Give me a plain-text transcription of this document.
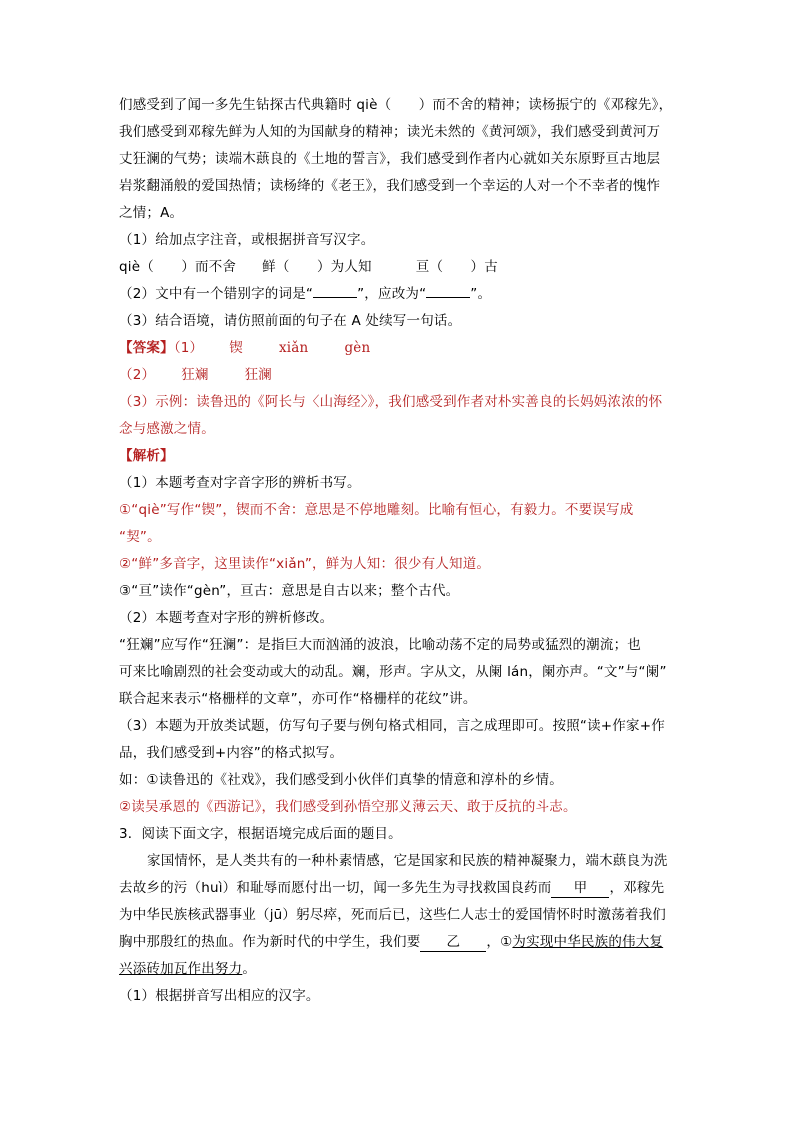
们感受到了闻一多先生钻探古代典籍时 qiè（　　）而不舍的精神；读杨振宁的《邓稼先》，
我们感受到邓稼先鲜为人知的为国献身的精神；读光未然的《黄河颂》，我们感受到黄河万
丈狂澜的气势；读端木蕻良的《土地的誓言》，我们感受到作者内心就如关东原野亘古地层
岩浆翻涌般的爱国热情；读杨绛的《老王》，我们感受到一个幸运的人对一个不幸者的愧怍
之情；A。
（1）给加点字注音，或根据拼音写汉字。
qiè（　　）而不舍 鲜（　　）为人知	亘（　　）古
（2）文中有一个错别字的词是“	”，应改为“	”。
（3）结合语境，请仿照前面的句子在 A 处续写一句话。
【答案】（1） 锲	xiǎn	gèn
（2） 狂斓	狂澜
（3）示例：读鲁迅的《阿长与〈山海经〉》，我们感受到作者对朴实善良的长妈妈浓浓的怀
念与感激之情。
【解析】
（1）本题考查对字音字形的辨析书写。
①“qiè”写作“锲”，锲而不舍：意思是不停地雕刻。比喻有恒心，有毅力。不要误写成
“契”。
②“鲜”多音字，这里读作“xiǎn”，鲜为人知：很少有人知道。
③“亘”读作“gèn”，亘古：意思是自古以来；整个古代。
（2）本题考查对字形的辨析修改。
“狂斓”应写作“狂澜”：是指巨大而汹涌的波浪，比喻动荡不定的局势或猛烈的潮流；也
可来比喻剧烈的社会变动或大的动乱。斓，形声。字从文，从阑 lán，阑亦声。“文”与“阑”
联合起来表示“格栅样的文章”，亦可作“格栅样的花纹”讲。
（3）本题为开放类试题，仿写句子要与例句格式相同，言之成理即可。按照“读+作家+作
品，我们感受到+内容”的格式拟写。
如：①读鲁迅的《社戏》，我们感受到小伙伴们真挚的情意和淳朴的乡情。
②读吴承恩的《西游记》，我们感受到孙悟空那义薄云天、敢于反抗的斗志。
3．阅读下面文字，根据语境完成后面的题目。
家国情怀，是人类共有的一种朴素情感，它是国家和民族的精神凝聚力，端木蕻良为洗
去故乡的污（huì）和耻辱而愿付出一切，闻一多先生为寻找救国良药而 甲 ，邓稼先
为中华民族核武器事业（jū）躬尽瘁，死而后已，这些仁人志士的爱国情怀时时激荡着我们
胸中那殷红的热血。作为新时代的中学生，我们要 乙 ，①为实现中华民族的伟大复
兴添砖加瓦作出努力。
（1）根据拼音写出相应的汉字。
